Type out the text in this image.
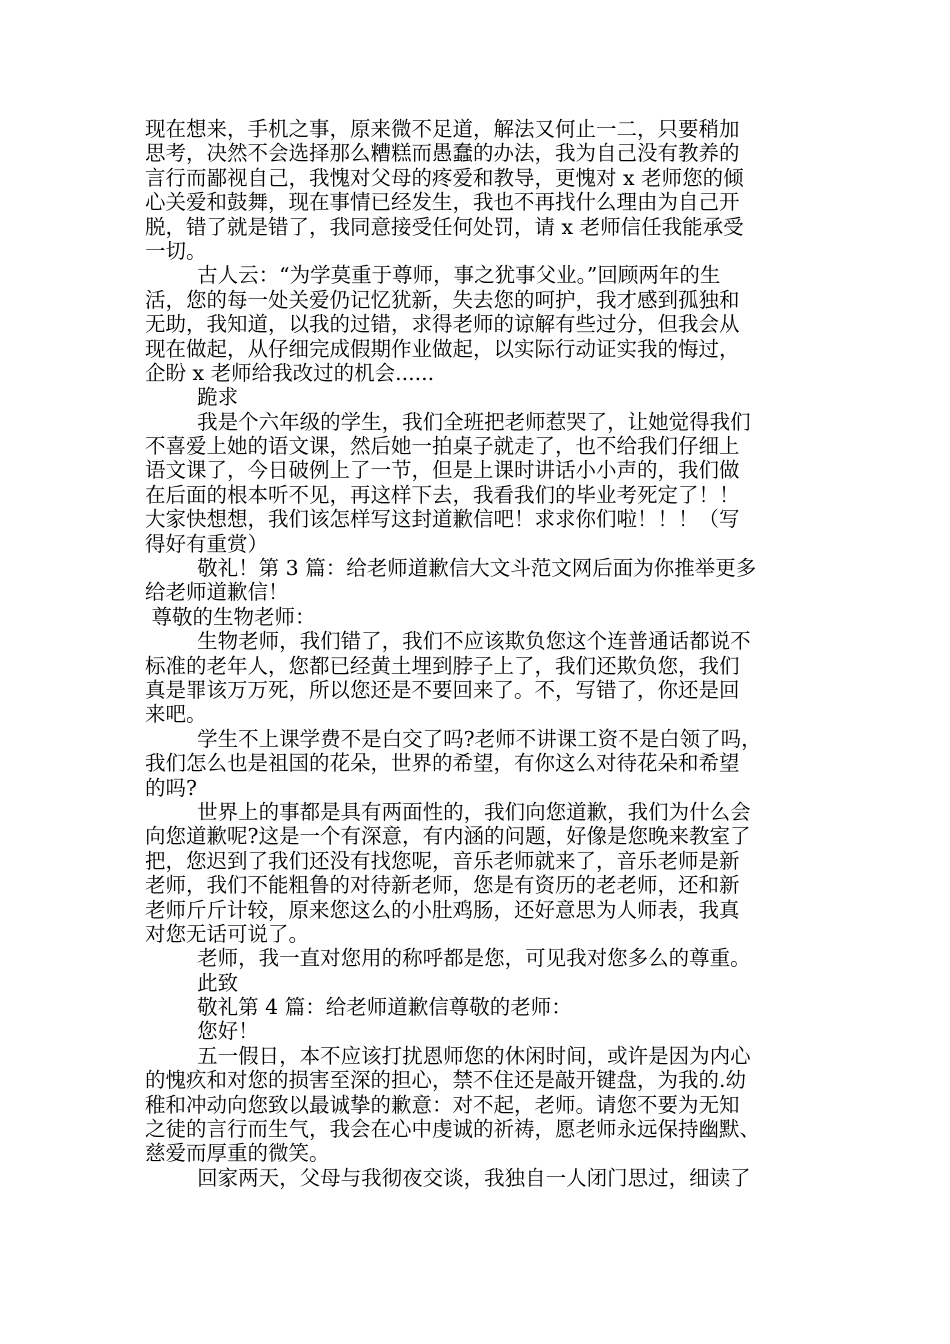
现在想来，手机之事，原来微不足道，解法又何止一二，只要稍加
思考，决然不会选择那么糟糕而愚蠢的办法，我为自己没有教养的
言行而鄙视自己，我愧对父母的疼爱和教导，更愧对 x 老师您的倾
心关爱和鼓舞，现在事情已经发生，我也不再找什么理由为自己开
脱，错了就是错了，我同意接受任何处罚，请 x 老师信任我能承受
一切。
古人云：“为学莫重于尊师，事之犹事父业。”回顾两年的生
活，您的每一处关爱仍记忆犹新，失去您的呵护，我才感到孤独和
无助，我知道，以我的过错，求得老师的谅解有些过分，但我会从
现在做起，从仔细完成假期作业做起，以实际行动证实我的悔过，
企盼 x 老师给我改过的机会......
跪求
我是个六年级的学生，我们全班把老师惹哭了，让她觉得我们
不喜爱上她的语文课，然后她一拍桌子就走了，也不给我们仔细上
语文课了，今日破例上了一节，但是上课时讲话小小声的，我们做
在后面的根本听不见，再这样下去，我看我们的毕业考死定了！！
大家快想想，我们该怎样写这封道歉信吧！求求你们啦！！！（写
得好有重赏）
敬礼！第 3 篇：给老师道歉信大文斗范文网后面为你推举更多
给老师道歉信！
尊敬的生物老师：
生物老师，我们错了，我们不应该欺负您这个连普通话都说不
标准的老年人，您都已经黄土埋到脖子上了，我们还欺负您，我们
真是罪该万万死，所以您还是不要回来了。不，写错了，你还是回
来吧。
学生不上课学费不是白交了吗?老师不讲课工资不是白领了吗，
我们怎么也是祖国的花朵，世界的希望，有你这么对待花朵和希望
的吗?
世界上的事都是具有两面性的，我们向您道歉，我们为什么会
向您道歉呢?这是一个有深意，有内涵的问题，好像是您晚来教室了
把，您迟到了我们还没有找您呢，音乐老师就来了，音乐老师是新
老师，我们不能粗鲁的对待新老师，您是有资历的老老师，还和新
老师斤斤计较，原来您这么的小肚鸡肠，还好意思为人师表，我真
对您无话可说了。
老师，我一直对您用的称呼都是您，可见我对您多么的尊重。
此致
敬礼第 4 篇：给老师道歉信尊敬的老师：
您好！
五一假日，本不应该打扰恩师您的休闲时间，或许是因为内心
的愧疚和对您的损害至深的担心，禁不住还是敲开键盘，为我的.幼
稚和冲动向您致以最诚挚的歉意：对不起，老师。请您不要为无知
之徒的言行而生气，我会在心中虔诚的祈祷，愿老师永远保持幽默、
慈爱而厚重的微笑。
回家两天，父母与我彻夜交谈，我独自一人闭门思过，细读了
